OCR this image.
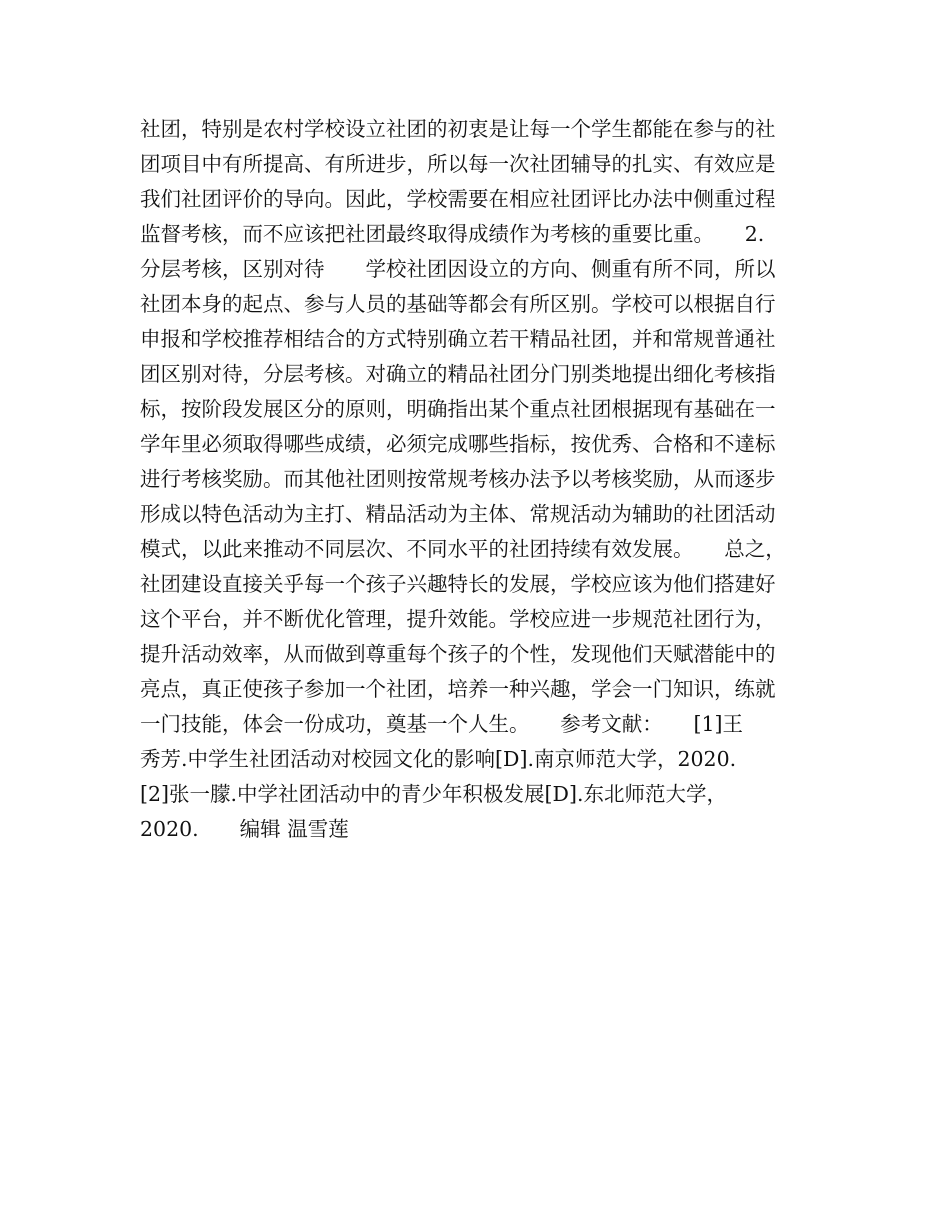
社团，特别是农村学校设立社团的初衷是让每一个学生都能在参与的社
团项目中有所提高、有所进步，所以每一次社团辅导的扎实、有效应是
我们社团评价的导向。因此，学校需要在相应社团评比办法中侧重过程
监督考核，而不应该把社团最终取得成绩作为考核的重要比重。　　2.
分层考核，区别对待　　学校社团因设立的方向、侧重有所不同，所以
社团本身的起点、参与人员的基础等都会有所区别。学校可以根据自行
申报和学校推荐相结合的方式特别确立若干精品社团，并和常规普通社
团区别对待，分层考核。对确立的精品社团分门别类地提出细化考核指
标，按阶段发展区分的原则，明确指出某个重点社团根据现有基础在一
学年里必须取得哪些成绩，必须完成哪些指标，按优秀、合格和不達标
进行考核奖励。而其他社团则按常规考核办法予以考核奖励，从而逐步
形成以特色活动为主打、精品活动为主体、常规活动为辅助的社团活动
模式，以此来推动不同层次、不同水平的社团持续有效发展。　　总之，
社团建设直接关乎每一个孩子兴趣特长的发展，学校应该为他们搭建好
这个平台，并不断优化管理，提升效能。学校应进一步规范社团行为，
提升活动效率，从而做到尊重每个孩子的个性，发现他们天赋潜能中的
亮点，真正使孩子参加一个社团，培养一种兴趣，学会一门知识，练就
一门技能，体会一份成功，奠基一个人生。　　参考文献：　　[1]王
秀芳.中学生社团活动对校园文化的影响[D].南京师范大学，2020.
[2]张一朦.中学社团活动中的青少年积极发展[D].东北师范大学，
2020.　　编辑 温雪莲
